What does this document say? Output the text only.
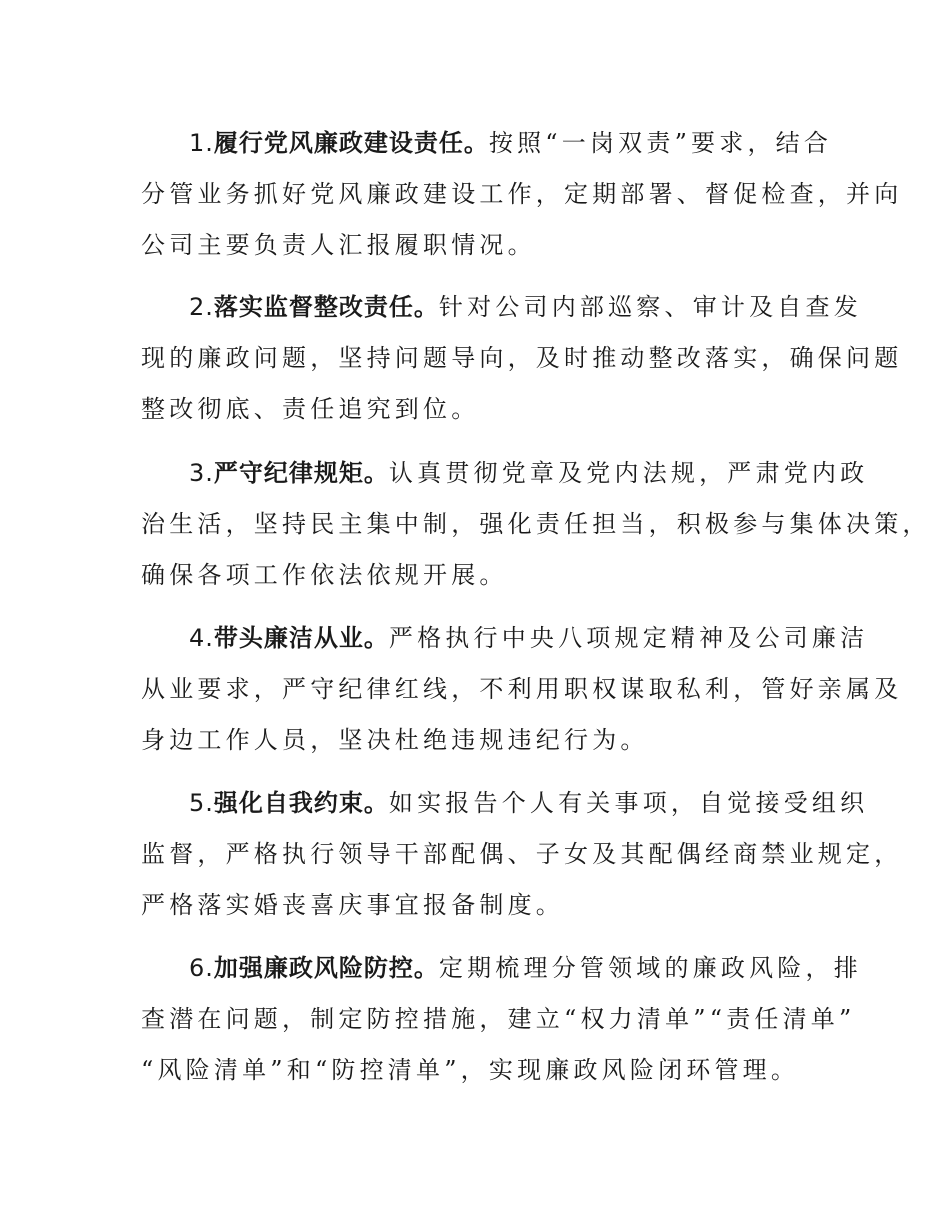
1.履行党风廉政建设责任。按照“一岗双责”要求，结合
分管业务抓好党风廉政建设工作，定期部署、督促检查，并向
公司主要负责人汇报履职情况。
2.落实监督整改责任。针对公司内部巡察、审计及自查发
现的廉政问题，坚持问题导向，及时推动整改落实，确保问题
整改彻底、责任追究到位。
3.严守纪律规矩。认真贯彻党章及党内法规，严肃党内政
治生活，坚持民主集中制，强化责任担当，积极参与集体决策，
确保各项工作依法依规开展。
4.带头廉洁从业。严格执行中央八项规定精神及公司廉洁
从业要求，严守纪律红线，不利用职权谋取私利，管好亲属及
身边工作人员，坚决杜绝违规违纪行为。
5.强化自我约束。如实报告个人有关事项，自觉接受组织
监督，严格执行领导干部配偶、子女及其配偶经商禁业规定，
严格落实婚丧喜庆事宜报备制度。
6.加强廉政风险防控。定期梳理分管领域的廉政风险，排
查潜在问题，制定防控措施，建立“权力清单”“责任清单”
“风险清单”和“防控清单”，实现廉政风险闭环管理。
